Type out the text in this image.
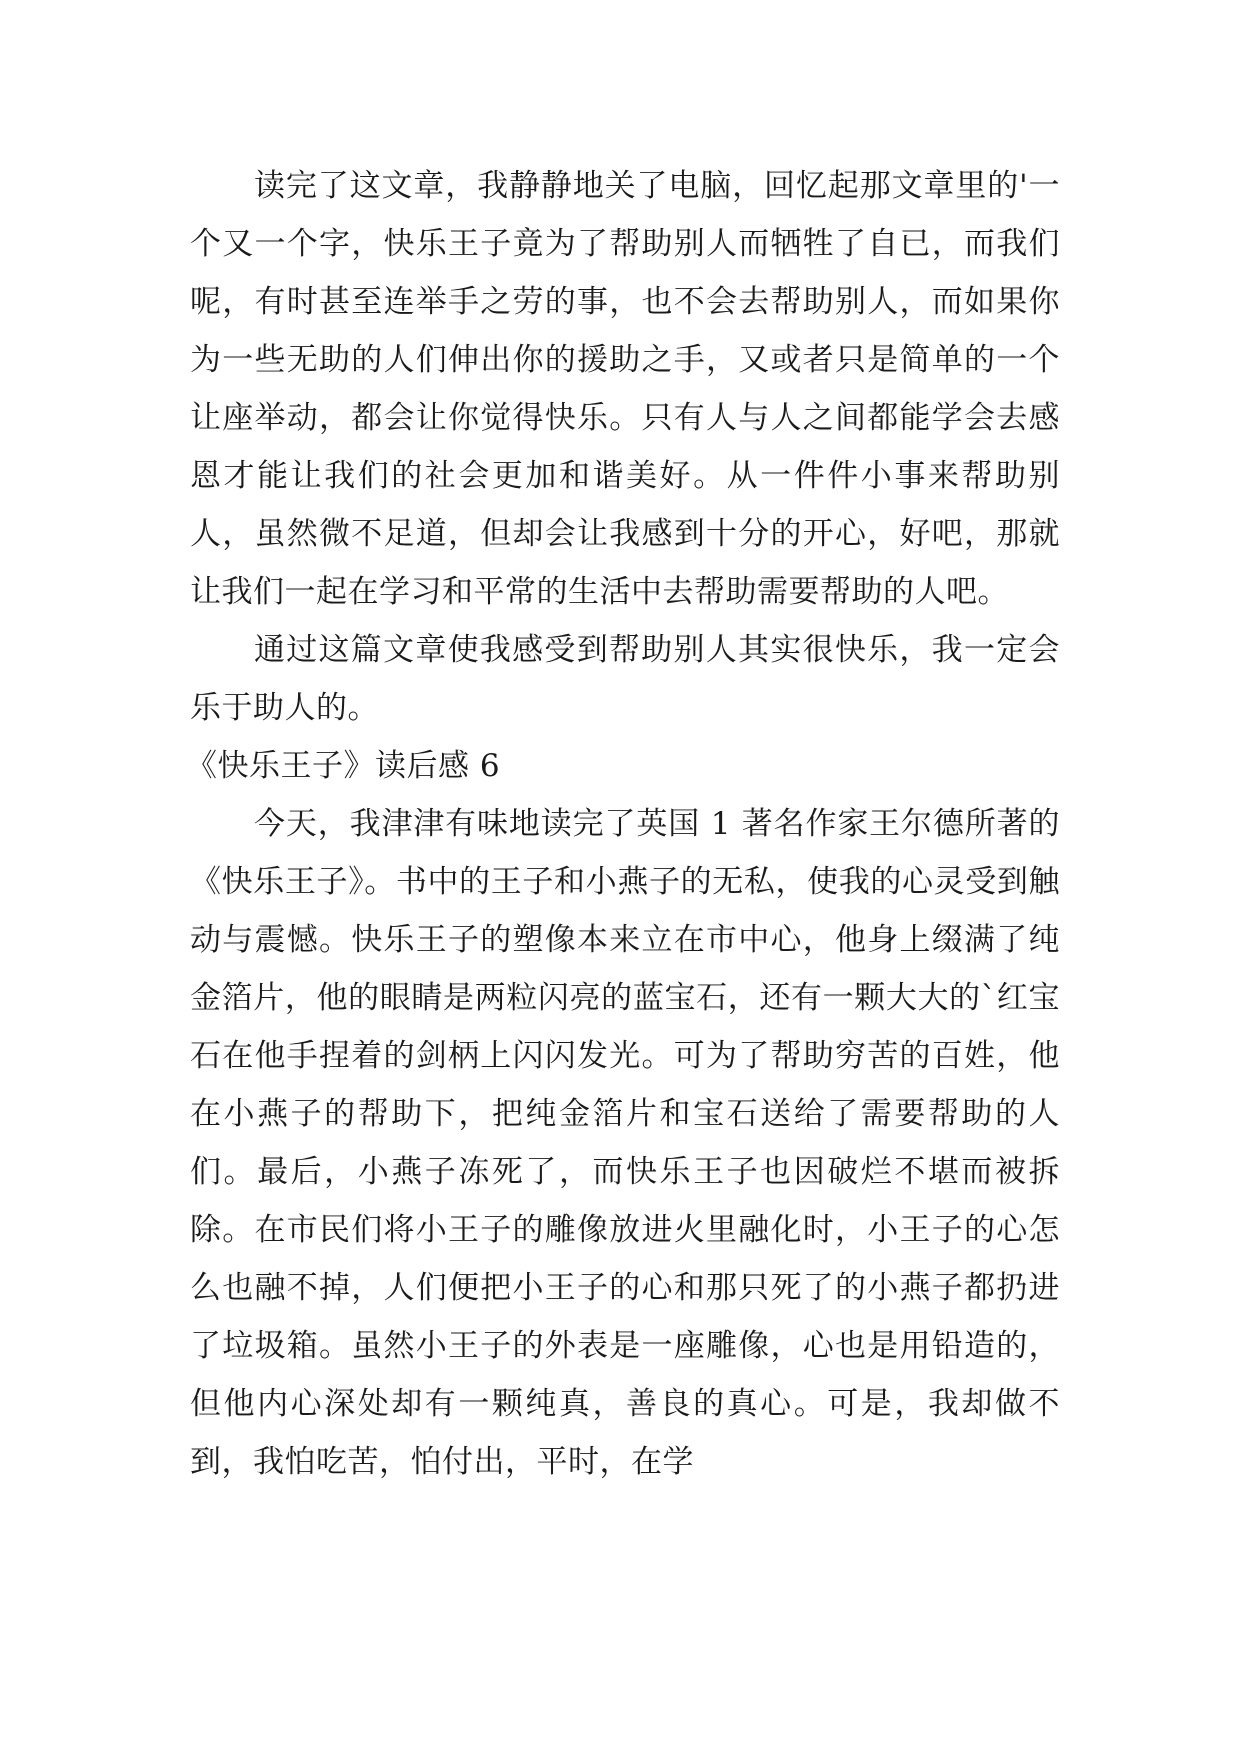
读完了这文章，我静静地关了电脑，回忆起那文章里的'一个又一个字，快乐王子竟为了帮助别人而牺牲了自已，而我们呢，有时甚至连举手之劳的事，也不会去帮助别人，而如果你为一些无助的人们伸出你的援助之手，又或者只是简单的一个让座举动，都会让你觉得快乐。只有人与人之间都能学会去感恩才能让我们的社会更加和谐美好。从一件件小事来帮助别人，虽然微不足道，但却会让我感到十分的开心，好吧，那就让我们一起在学习和平常的生活中去帮助需要帮助的人吧。

通过这篇文章使我感受到帮助别人其实很快乐，我一定会乐于助人的。

《快乐王子》读后感 6

今天，我津津有味地读完了英国 1 著名作家王尔德所著的《快乐王子》。书中的王子和小燕子的无私，使我的心灵受到触动与震憾。快乐王子的塑像本来立在市中心，他身上缀满了纯金箔片，他的眼睛是两粒闪亮的蓝宝石，还有一颗大大的`红宝石在他手捏着的剑柄上闪闪发光。可为了帮助穷苦的百姓，他在小燕子的帮助下，把纯金箔片和宝石送给了需要帮助的人们。最后，小燕子冻死了，而快乐王子也因破烂不堪而被拆除。在市民们将小王子的雕像放进火里融化时，小王子的心怎么也融不掉，人们便把小王子的心和那只死了的小燕子都扔进了垃圾箱。虽然小王子的外表是一座雕像，心也是用铅造的，但他内心深处却有一颗纯真，善良的真心。可是，我却做不到，我怕吃苦，怕付出，平时，在学
